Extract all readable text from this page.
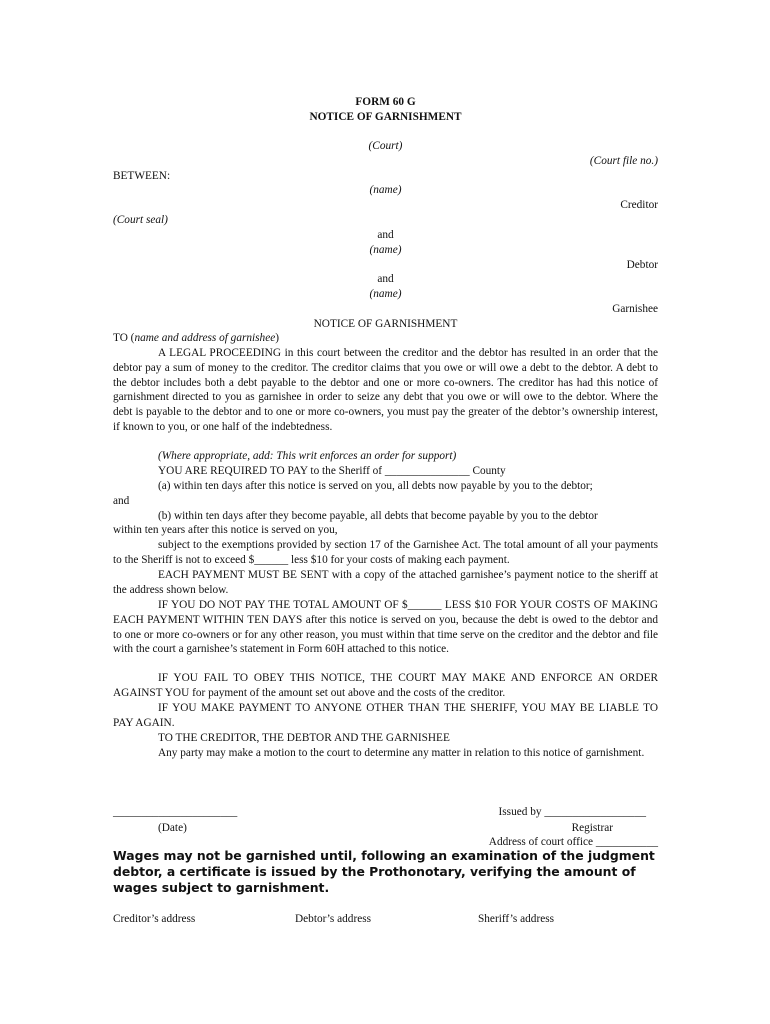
FORM 60 G
NOTICE OF GARNISHMENT
(Court)
(Court file no.)
BETWEEN:
(name)
Creditor
(Court seal)
and
(name)
Debtor
and
(name)
Garnishee
NOTICE OF GARNISHMENT
TO (name and address of garnishee)
A LEGAL PROCEEDING in this court between the creditor and the debtor has resulted in an order that the debtor pay a sum of money to the creditor. The creditor claims that you owe or will owe a debt to the debtor. A debt to the debtor includes both a debt payable to the debtor and one or more co-owners. The creditor has had this notice of garnishment directed to you as garnishee in order to seize any debt that you owe or will owe to the debtor. Where the debt is payable to the debtor and to one or more co-owners, you must pay the greater of the debtor’s ownership interest, if known to you, or one half of the indebtedness.
(Where appropriate, add: This writ enforces an order for support)
YOU ARE REQUIRED TO PAY to the Sheriff of _______________ County
(a) within ten days after this notice is served on you, all debts now payable by you to the debtor;
and
(b) within ten days after they become payable, all debts that become payable by you to the debtor
within ten years after this notice is served on you,
subject to the exemptions provided by section 17 of the Garnishee Act. The total amount of all your payments to the Sheriff is not to exceed $______ less $10 for your costs of making each payment.
EACH PAYMENT MUST BE SENT with a copy of the attached garnishee’s payment notice to the sheriff at the address shown below.
IF YOU DO NOT PAY THE TOTAL AMOUNT OF $______ LESS $10 FOR YOUR COSTS OF MAKING EACH PAYMENT WITHIN TEN DAYS after this notice is served on you, because the debt is owed to the debtor and to one or more co-owners or for any other reason, you must within that time serve on the creditor and the debtor and file with the court a garnishee’s statement in Form 60H attached to this notice.
IF YOU FAIL TO OBEY THIS NOTICE, THE COURT MAY MAKE AND ENFORCE AN ORDER AGAINST YOU for payment of the amount set out above and the costs of the creditor.
IF YOU MAKE PAYMENT TO ANYONE OTHER THAN THE SHERIFF, YOU MAY BE LIABLE TO PAY AGAIN.
TO THE CREDITOR, THE DEBTOR AND THE GARNISHEE
Any party may make a motion to the court to determine any matter in relation to this notice of garnishment.
______________________
(Date)
Issued by __________________
Registrar
Address of court office ___________
Wages may not be garnished until, following an examination of the judgment debtor, a certificate is issued by the Prothonotary, verifying the amount of wages subject to garnishment.
Creditor’s address	Debtor’s address	Sheriff’s address
